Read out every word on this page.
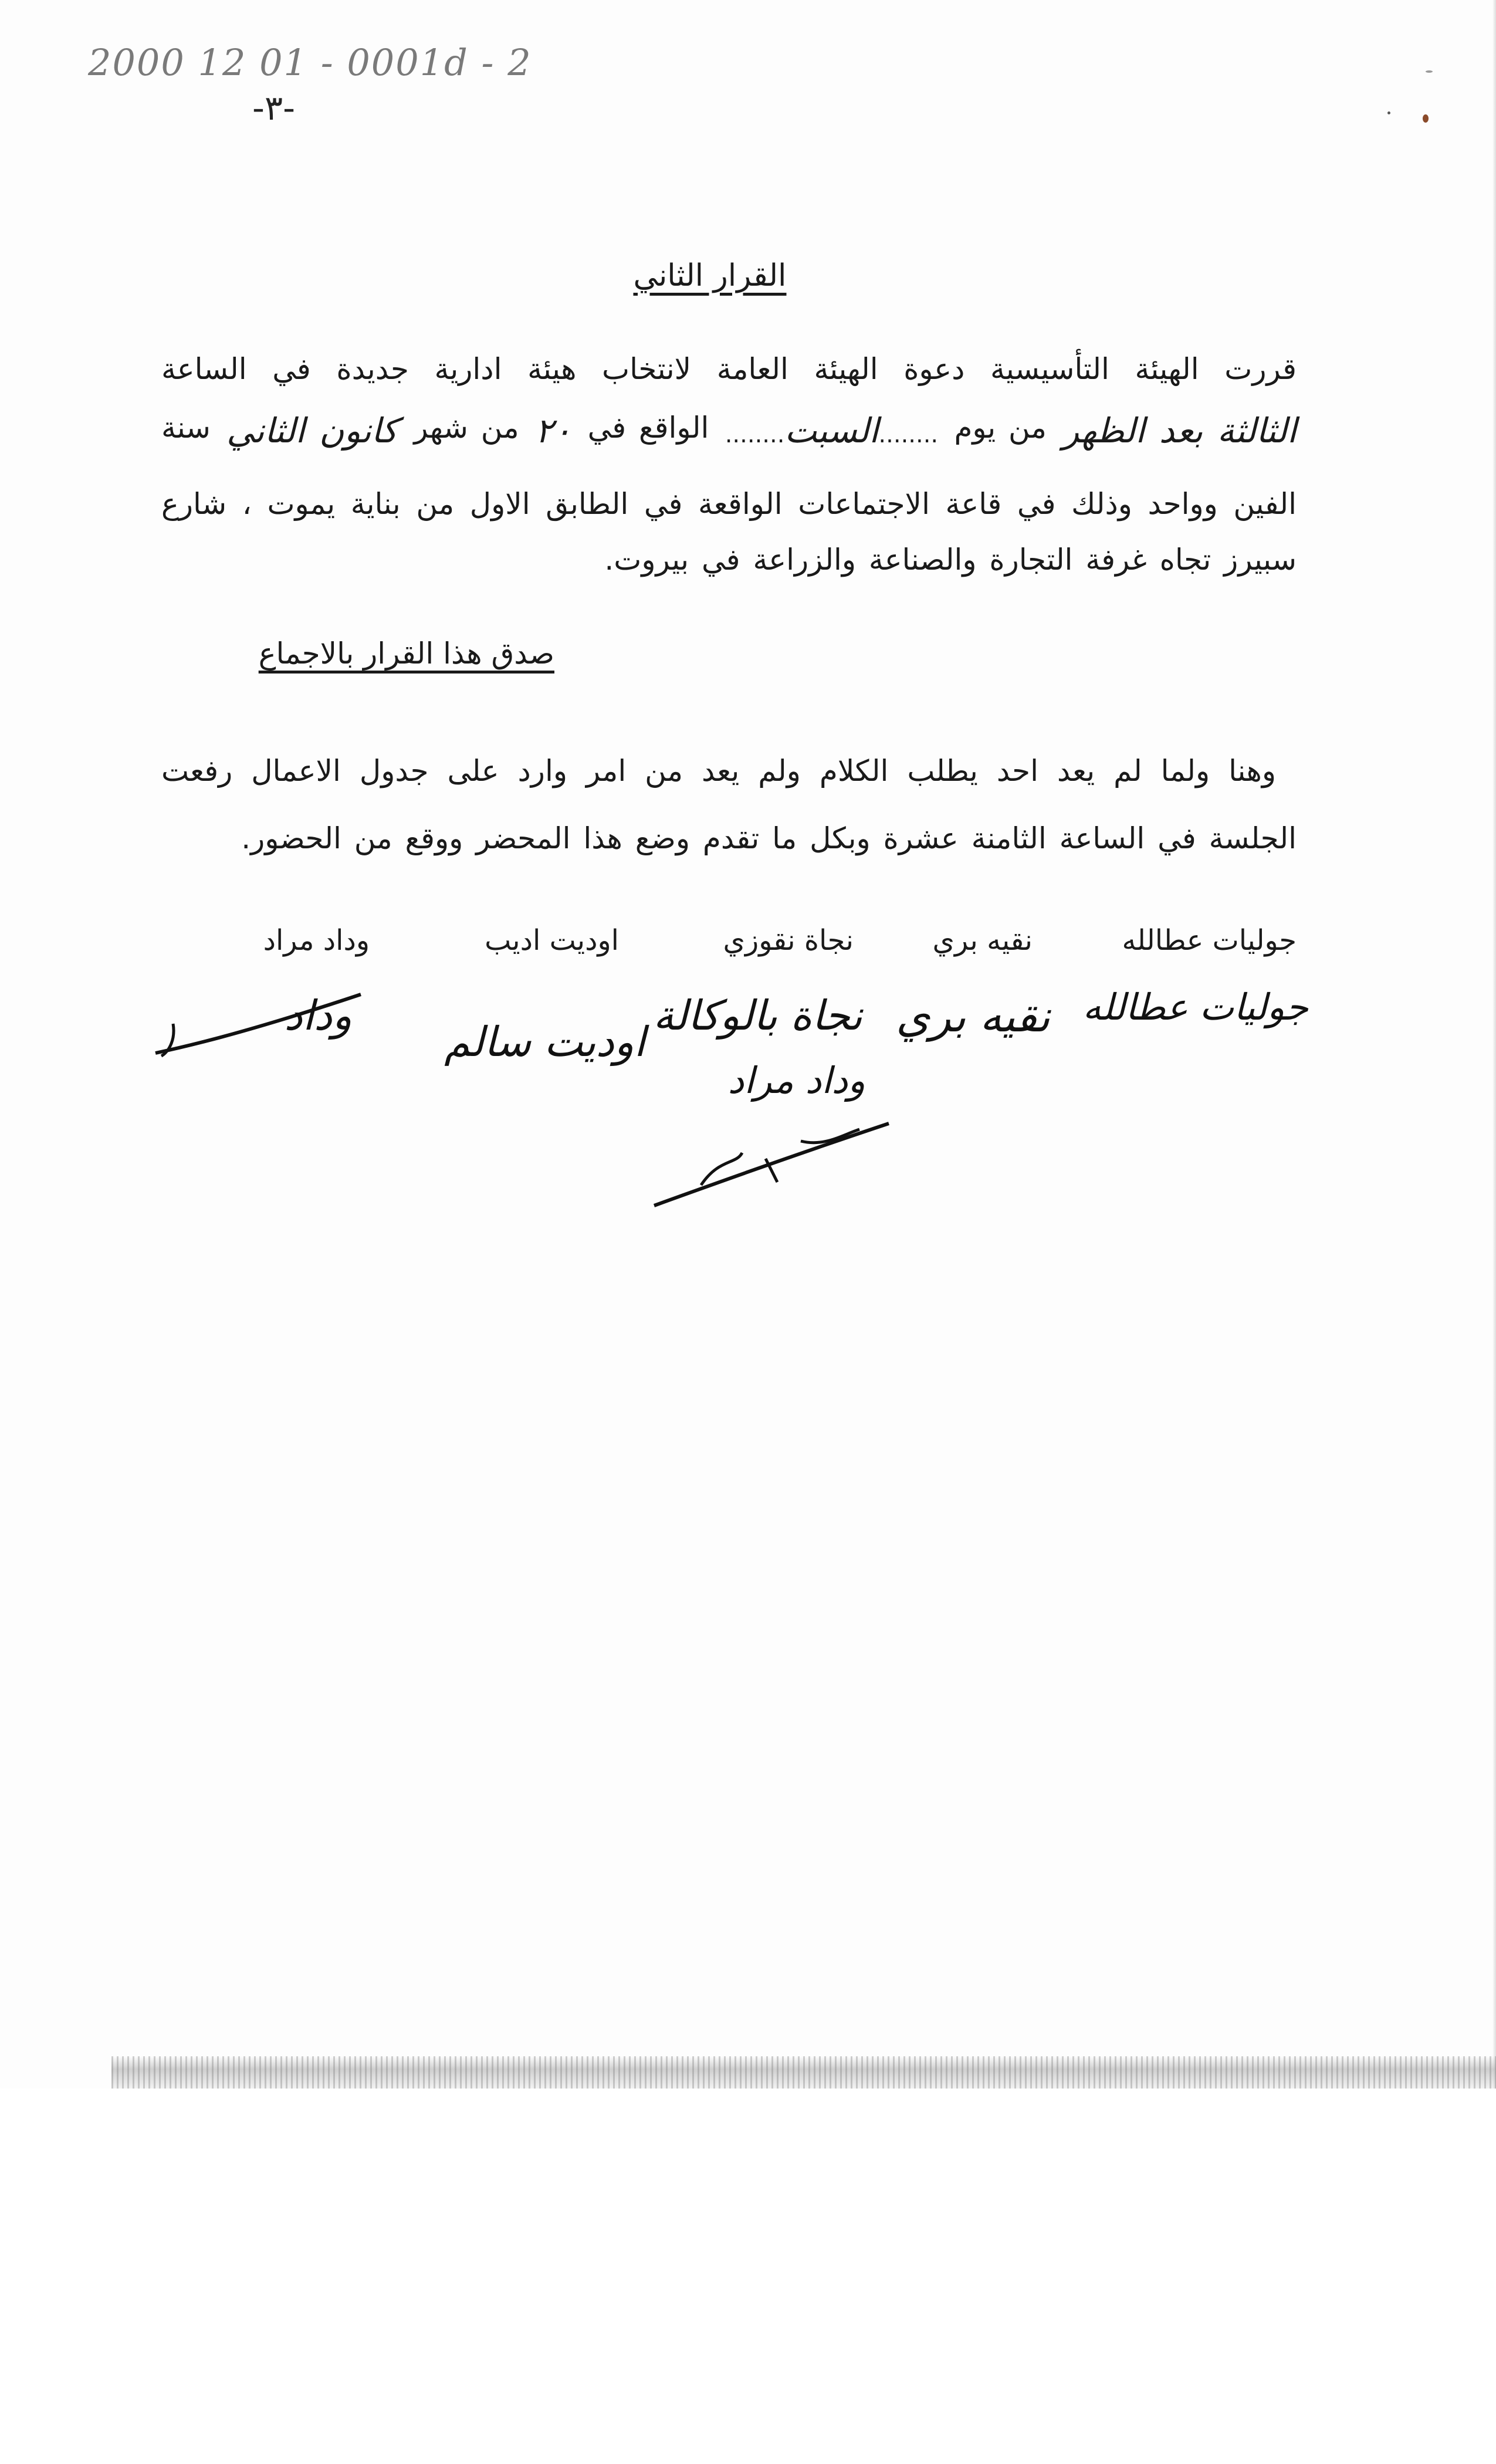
2000 12 01 - 0001d - 2
-٣-
القرار الثاني
قررت الهيئة التأسيسية دعوة الهيئة العامة لانتخاب هيئة ادارية جديدة في الساعة
الثالثة بعد الظهر
من يوم
........السبت........
الواقع في
٢٠
من شهر
كانون الثاني
سنة
الفين وواحد وذلك في قاعة الاجتماعات الواقعة في الطابق الاول من بناية يموت ، شارع
سبيرز تجاه غرفة التجارة والصناعة والزراعة في بيروت.
صدق هذا القرار بالاجماع
وهنا ولما لم يعد احد يطلب الكلام ولم يعد من امر وارد على جدول الاعمال رفعت
الجلسة في الساعة الثامنة عشرة وبكل ما تقدم وضع هذا المحضر ووقع من الحضور.
جوليات عطالله
نقيه بري
نجاة نقوزي
اوديت اديب
وداد مراد
جوليات عطالله
نقيه بري
نجاة بالوكالة
اوديت سالم
وداد
وداد مراد
